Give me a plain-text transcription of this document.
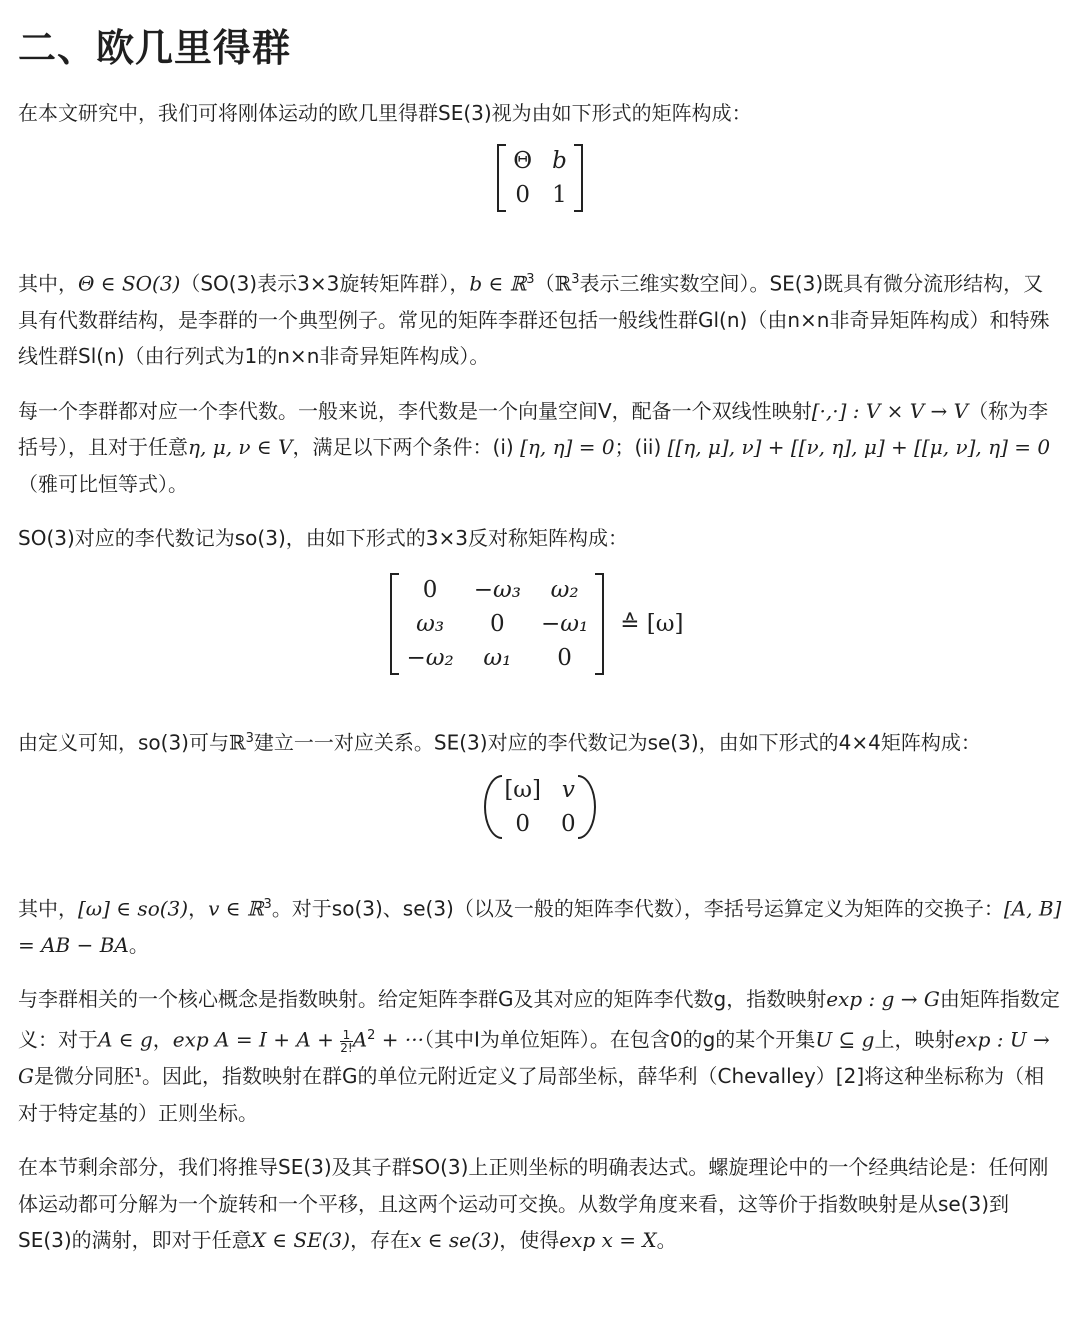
二、欧几里得群

在本文研究中，我们可将刚体运动的欧几里得群SE(3)视为由如下形式的矩阵构成：

Θ	b
0	1

其中，Θ ∈ SO(3)（SO(3)表示3×3旋转矩阵群），b ∈ ℝ$^3$（ℝ$^3$表示三维实数空间）。SE(3)既具有微分流形结构，又具有代数群结构，是李群的一个典型例子。常见的矩阵李群还包括一般线性群Gl(n)（由n×n非奇异矩阵构成）和特殊线性群Sl(n)（由行列式为1的n×n非奇异矩阵构成）。

每一个李群都对应一个李代数。一般来说，李代数是一个向量空间V，配备一个双线性映射[·,·] : V × V → V（称为李括号），且对于任意η, μ, ν ∈ V，满足以下两个条件：(i) [η, η] = 0；(ii) [[η, μ], ν] + [[ν, η], μ] + [[μ, ν], η] = 0（雅可比恒等式）。

SO(3)对应的李代数记为so(3)，由如下形式的3×3反对称矩阵构成：

0	−ω₃	ω₂
ω₃	0	−ω₁
−ω₂	ω₁	0
≙ [ω]

由定义可知，so(3)可与ℝ$^3$建立一一对应关系。SE(3)对应的李代数记为se(3)，由如下形式的4×4矩阵构成：

[ω]	v
0	0

其中，[ω] ∈ so(3)，v ∈ ℝ$^3$。对于so(3)、se(3)（以及一般的矩阵李代数），李括号运算定义为矩阵的交换子：[A, B] = AB − BA。

与李群相关的一个核心概念是指数映射。给定矩阵李群G及其对应的矩阵李代数g，指数映射exp : g → G由矩阵指数定义：对于A ∈ g，$\exp A = I + A + \frac{1}{2!} A^2$ + ···（其中I为单位矩阵）。在包含0的g的某个开集U ⊆ g上，映射exp : U → G是微分同胚¹。因此，指数映射在群G的单位元附近定义了局部坐标，薛华利（Chevalley）[2]将这种坐标称为（相对于特定基的）正则坐标。

在本节剩余部分，我们将推导SE(3)及其子群SO(3)上正则坐标的明确表达式。螺旋理论中的一个经典结论是：任何刚体运动都可分解为一个旋转和一个平移，且这两个运动可交换。从数学角度来看，这等价于指数映射是从se(3)到SE(3)的满射，即对于任意X ∈ SE(3)，存在x ∈ se(3)，使得exp x = X。
